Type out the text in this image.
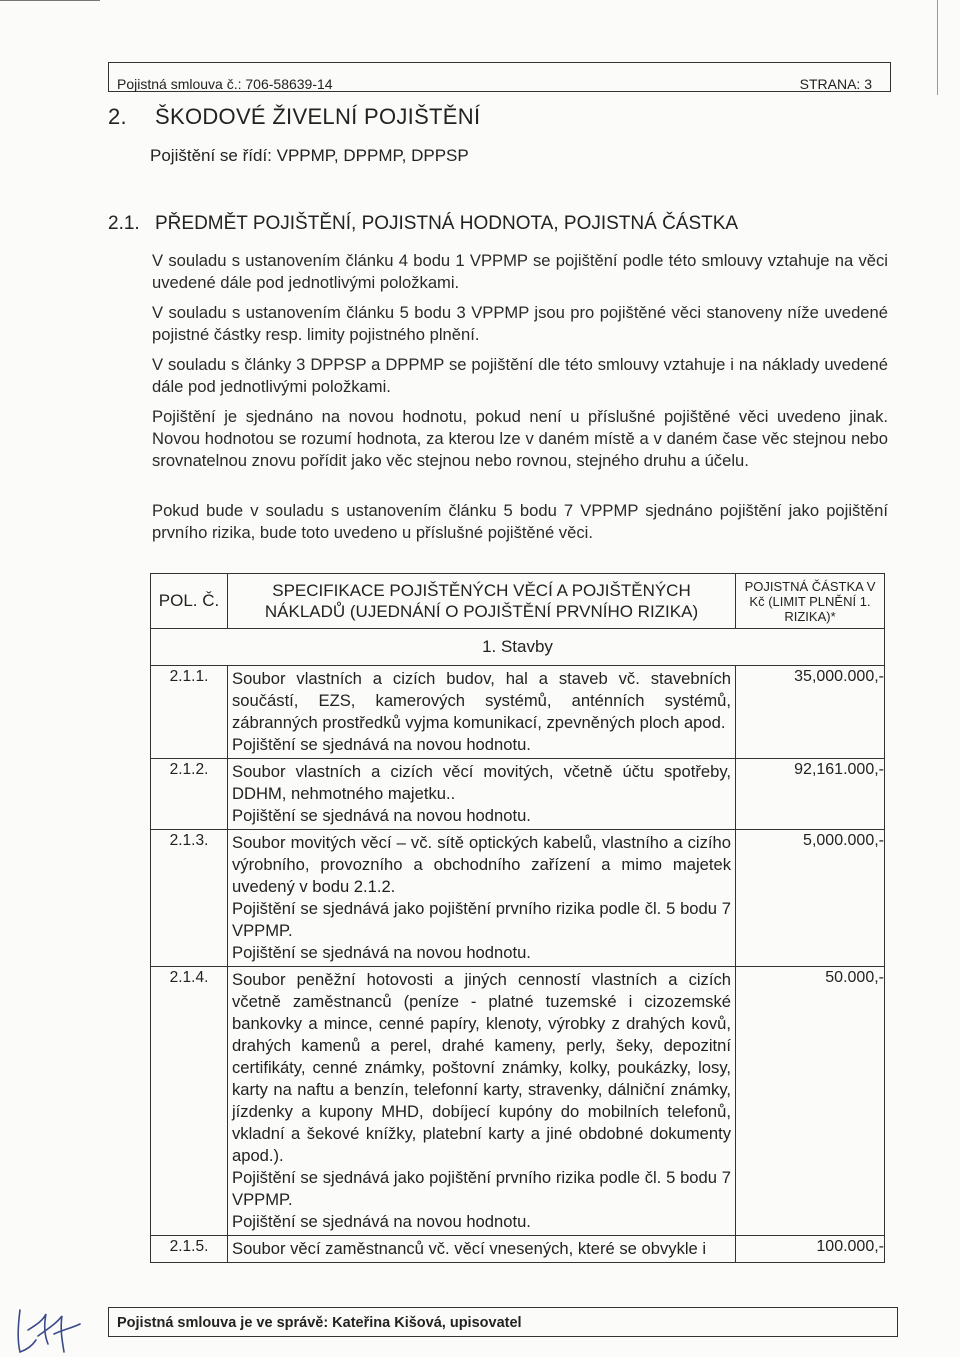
Pojistná smlouva č.: 706-58639-14	STRANA: 3
2. ŠKODOVÉ ŽIVELNÍ POJIŠTĚNÍ
Pojištění se řídí: VPPMP, DPPMP, DPPSP
2.1. PŘEDMĚT POJIŠTĚNÍ, POJISTNÁ HODNOTA, POJISTNÁ ČÁSTKA

V souladu s ustanovením článku 4 bodu 1 VPPMP se pojištění podle této smlouvy vztahuje na věci uvedené dále pod jednotlivými položkami.

V souladu s ustanovením článku 5 bodu 3 VPPMP jsou pro pojištěné věci stanoveny níže uvedené pojistné částky resp. limity pojistného plnění.

V souladu s články 3 DPPSP a DPPMP se pojištění dle této smlouvy vztahuje i na náklady uvedené dále pod jednotlivými položkami.

Pojištění je sjednáno na novou hodnotu, pokud není u příslušné pojištěné věci uvedeno jinak. Novou hodnotou se rozumí hodnota, za kterou lze v daném místě a v daném čase věc stejnou nebo srovnatelnou znovu pořídit jako věc stejnou nebo rovnou, stejného druhu a účelu.

Pokud bude v souladu s ustanovením článku 5 bodu 7 VPPMP sjednáno pojištění jako pojištění prvního rizika, bude toto uvedeno u příslušné pojištěné věci.

POL. Č.	SPECIFIKACE POJIŠTĚNÝCH VĚCÍ A POJIŠTĚNÝCH NÁKLADŮ (UJEDNÁNÍ O POJIŠTĚNÍ PRVNÍHO RIZIKA)	POJISTNÁ ČÁSTKA V Kč (LIMIT PLNĚNÍ 1. RIZIKA)*
1. Stavby		
2.1.1.	Soubor vlastních a cizích budov, hal a staveb vč. stavebních součástí, EZS, kamerových systémů, anténních systémů, zábranných prostředků vyjma komunikací, zpevněných ploch apod.
Pojištění se sjednává na novou hodnotu.	35,000.000,-
2.1.2.	Soubor vlastních a cizích věcí movitých, včetně účtu spotřeby, DDHM, nehmotného majetku..
Pojištění se sjednává na novou hodnotu.	92,161.000,-
2.1.3.	Soubor movitých věcí – vč. sítě optických kabelů, vlastního a cizího výrobního, provozního a obchodního zařízení a mimo majetek uvedený v bodu 2.1.2.
Pojištění se sjednává jako pojištění prvního rizika podle čl. 5 bodu 7 VPPMP.
Pojištění se sjednává na novou hodnotu.	5,000.000,-
2.1.4.	Soubor peněžní hotovosti a jiných cenností vlastních a cizích včetně zaměstnanců (peníze - platné tuzemské i cizozemské bankovky a mince, cenné papíry, klenoty, výrobky z drahých kovů, drahých kamenů a perel, drahé kameny, perly, šeky, depozitní certifikáty, cenné známky, poštovní známky, kolky, poukázky, losy, karty na naftu a benzín, telefonní karty, stravenky, dálniční známky, jízdenky a kupony MHD, dobíjecí kupóny do mobilních telefonů, vkladní a šekové knížky, platební karty a jiné obdobné dokumenty apod.).
Pojištění se sjednává jako pojištění prvního rizika podle čl. 5 bodu 7 VPPMP.
Pojištění se sjednává na novou hodnotu.	50.000,-
2.1.5.	Soubor věcí zaměstnanců vč. věcí vnesených, které se obvykle i	100.000,-
Pojistná smlouva je ve správě: Kateřina Kišová, upisovatel
